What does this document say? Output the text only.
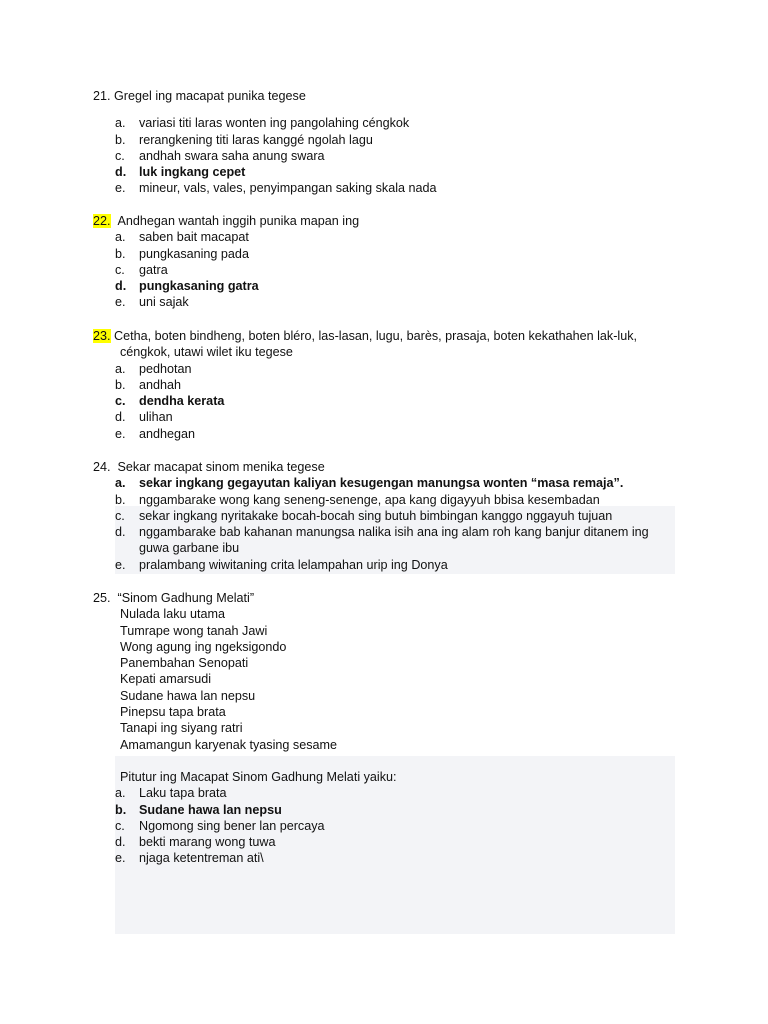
21. Gregel ing macapat punika tegese
a. variasi titi laras wonten ing pangolahing céngkok
b. rerangkening titi laras kanggé ngolah lagu
c. andhah swara saha anung swara
d. luk ingkang cepet
e. mineur, vals, vales, penyimpangan saking skala nada
22. Andhegan wantah inggih punika mapan ing
a. saben bait macapat
b. pungkasaning pada
c. gatra
d. pungkasaning gatra
e. uni sajak
23. Cetha, boten bindheng, boten bléro, las-lasan, lugu, barès, prasaja, boten kekathahen lak-luk,
céngkok, utawi wilet iku tegese
a. pedhotan
b. andhah
c. dendha kerata
d. ulihan
e. andhegan
24. Sekar macapat sinom menika tegese
a. sekar ingkang gegayutan kaliyan kesugengan manungsa wonten “masa remaja”.
b. nggambarake wong kang seneng-senenge, apa kang digayyuh bbisa kesembadan
c. sekar ingkang nyritakake bocah-bocah sing butuh bimbingan kanggo nggayuh tujuan
d. nggambarake bab kahanan manungsa nalika isih ana ing alam roh kang banjur ditanem ing
guwa garbane ibu
e. pralambang wiwitaning crita lelampahan urip ing Donya
25. “Sinom Gadhung Melati”
Nulada laku utama
Tumrape wong tanah Jawi
Wong agung ing ngeksigondo
Panembahan Senopati
Kepati amarsudi
Sudane hawa lan nepsu
Pinepsu tapa brata
Tanapi ing siyang ratri
Amamangun karyenak tyasing sesame
Pitutur ing Macapat Sinom Gadhung Melati yaiku:
a. Laku tapa brata
b. Sudane hawa lan nepsu
c. Ngomong sing bener lan percaya
d. bekti marang wong tuwa
e. njaga ketentreman ati\
